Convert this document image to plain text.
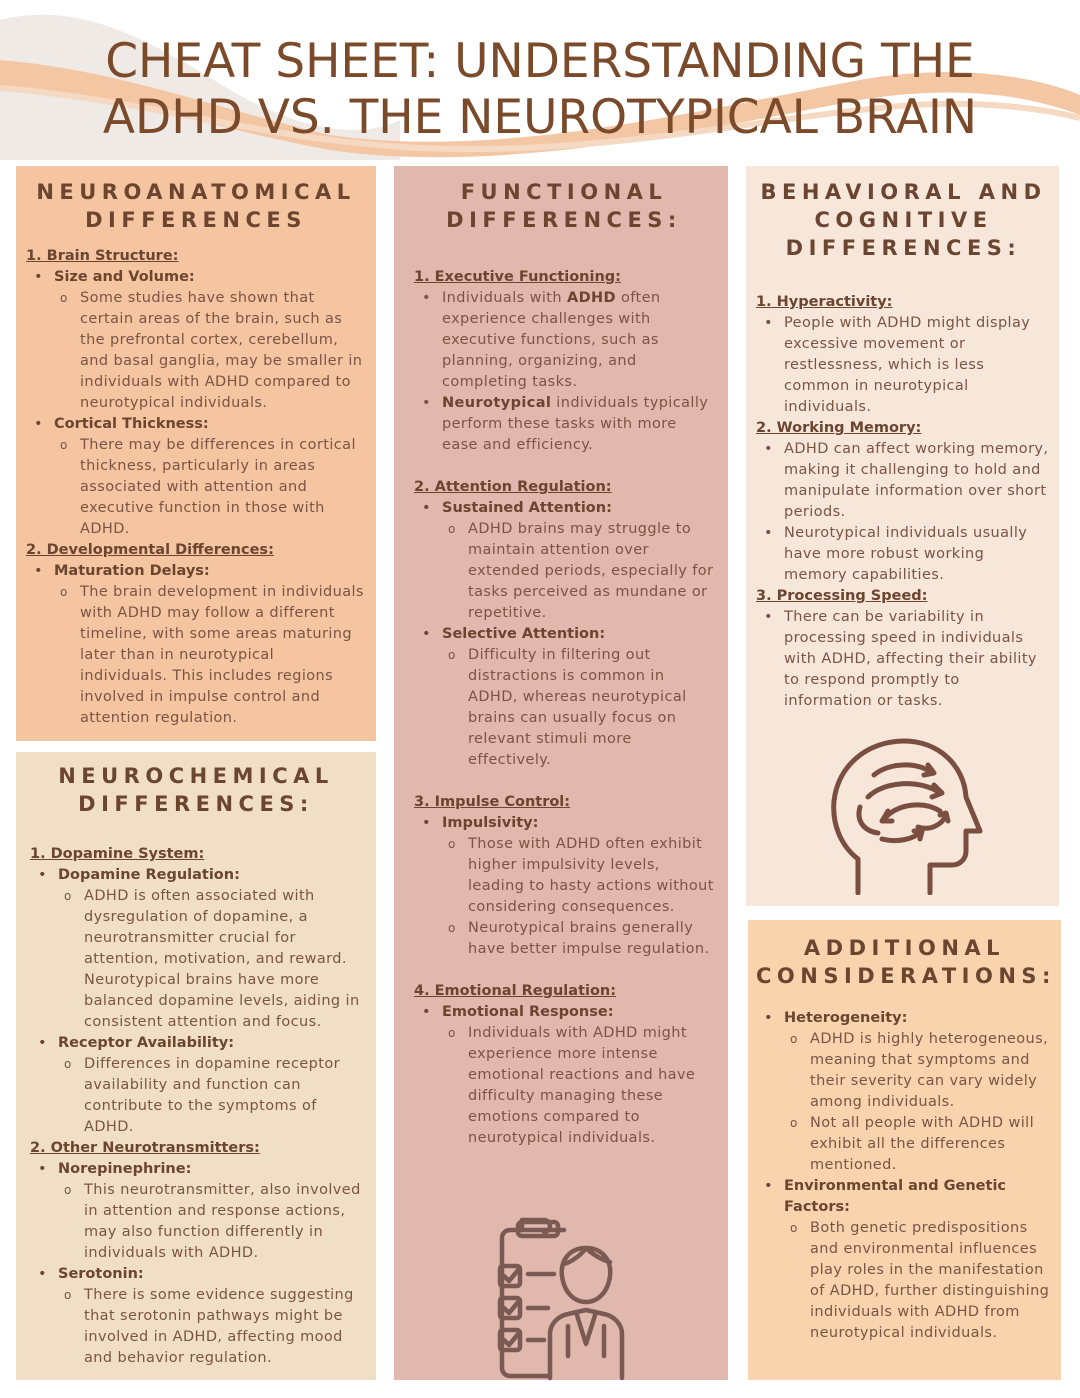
CHEAT SHEET: UNDERSTANDING THE
ADHD VS. THE NEUROTYPICAL BRAIN
NEUROANATOMICAL
DIFFERENCES
1. Brain Structure:
• Size and Volume:
o Some studies have shown that certain areas of the brain, such as the prefrontal cortex, cerebellum, and basal ganglia, may be smaller in individuals with ADHD compared to neurotypical individuals.
• Cortical Thickness:
o There may be differences in cortical thickness, particularly in areas associated with attention and executive function in those with ADHD.
2. Developmental Differences:
• Maturation Delays:
o The brain development in individuals with ADHD may follow a different timeline, with some areas maturing later than in neurotypical individuals. This includes regions involved in impulse control and attention regulation.
NEUROCHEMICAL
DIFFERENCES:
1. Dopamine System:
• Dopamine Regulation:
o ADHD is often associated with dysregulation of dopamine, a neurotransmitter crucial for attention, motivation, and reward. Neurotypical brains have more balanced dopamine levels, aiding in consistent attention and focus.
• Receptor Availability:
o Differences in dopamine receptor availability and function can contribute to the symptoms of ADHD.
2. Other Neurotransmitters:
• Norepinephrine:
o This neurotransmitter, also involved in attention and response actions, may also function differently in individuals with ADHD.
• Serotonin:
o There is some evidence suggesting that serotonin pathways might be involved in ADHD, affecting mood and behavior regulation.
FUNCTIONAL
DIFFERENCES:
1. Executive Functioning:
• Individuals with ADHD often experience challenges with executive functions, such as planning, organizing, and completing tasks.
• Neurotypical individuals typically perform these tasks with more ease and efficiency.
2. Attention Regulation:
• Sustained Attention:
o ADHD brains may struggle to maintain attention over extended periods, especially for tasks perceived as mundane or repetitive.
• Selective Attention:
o Difficulty in filtering out distractions is common in ADHD, whereas neurotypical brains can usually focus on relevant stimuli more effectively.
3. Impulse Control:
• Impulsivity:
o Those with ADHD often exhibit higher impulsivity levels, leading to hasty actions without considering consequences.
o Neurotypical brains generally have better impulse regulation.
4. Emotional Regulation:
• Emotional Response:
o Individuals with ADHD might experience more intense emotional reactions and have difficulty managing these emotions compared to neurotypical individuals.
BEHAVIORAL AND
COGNITIVE
DIFFERENCES:
1. Hyperactivity:
• People with ADHD might display excessive movement or restlessness, which is less common in neurotypical individuals.
2. Working Memory:
• ADHD can affect working memory, making it challenging to hold and manipulate information over short periods.
• Neurotypical individuals usually have more robust working memory capabilities.
3. Processing Speed:
• There can be variability in processing speed in individuals with ADHD, affecting their ability to respond promptly to information or tasks.
ADDITIONAL
CONSIDERATIONS:
• Heterogeneity:
o ADHD is highly heterogeneous, meaning that symptoms and their severity can vary widely among individuals.
o Not all people with ADHD will exhibit all the differences mentioned.
• Environmental and Genetic Factors:
o Both genetic predispositions and environmental influences play roles in the manifestation of ADHD, further distinguishing individuals with ADHD from neurotypical individuals.
